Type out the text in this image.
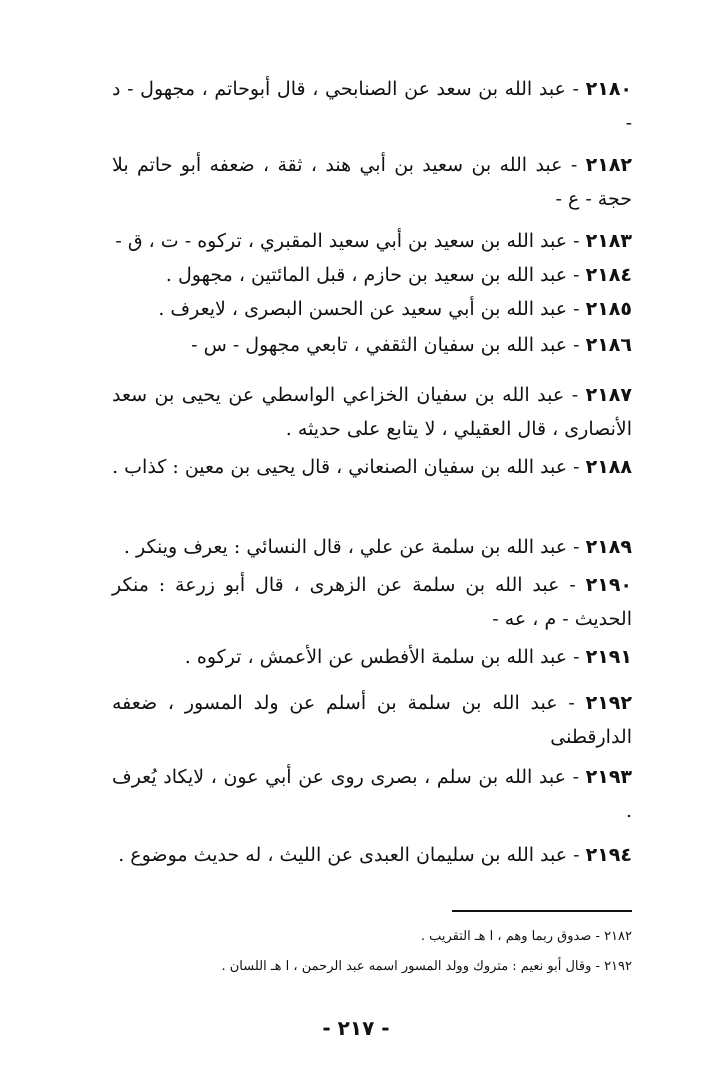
۲۱۸۰ - عبد الله بن سعد عن الصنابحي ، قال أبوحاتم ، مجهول - د -
۲۱۸۲ - عبد الله بن سعيد بن أبي هند ، ثقة ، ضعفه أبو حاتم بلا حجة - ع -
۲۱۸۳ - عبد الله بن سعيد بن أبي سعيد المقبري ، تركوه - ت ، ق -
۲۱۸٤ - عبد الله بن سعيد بن حازم ، قبل المائتين ، مجهول .
۲۱۸٥ - عبد الله بن أبي سعيد عن الحسن البصرى ، لايعرف .
۲۱۸٦ - عبد الله بن سفيان الثقفي ، تابعي مجهول - س -
۲۱۸۷ - عبد الله بن سفيان الخزاعي الواسطي عن يحيى بن سعد الأنصارى ، قال العقيلي ، لا يتابع على حديثه .
۲۱۸۸ - عبد الله بن سفيان الصنعاني ، قال يحيى بن معين : كذاب .
۲۱۸۹ - عبد الله بن سلمة عن علي ، قال النسائي : يعرف وينكر .
۲۱۹۰ - عبد الله بن سلمة عن الزهرى ، قال أبو زرعة : منكر الحديث - م ، عه -
۲۱۹۱ - عبد الله بن سلمة الأفطس عن الأعمش ، تركوه .
۲۱۹۲ - عبد الله بن سلمة بن أسلم عن ولد المسور ، ضعفه الدارقطنى
۲۱۹۳ - عبد الله بن سلم ، بصرى روى عن أبي عون ، لايكاد يُعرف .
۲۱۹٤ - عبد الله بن سليمان العبدى عن الليث ، له حديث موضوع .
۲۱۸۲ - صدوق ربما وهم ، ا هـ التقريب .
۲۱۹۲ - وقال أبو نعيم : متروك وولد المسور اسمه عبد الرحمن ، ا هـ اللسان .
- ۲۱۷ -
